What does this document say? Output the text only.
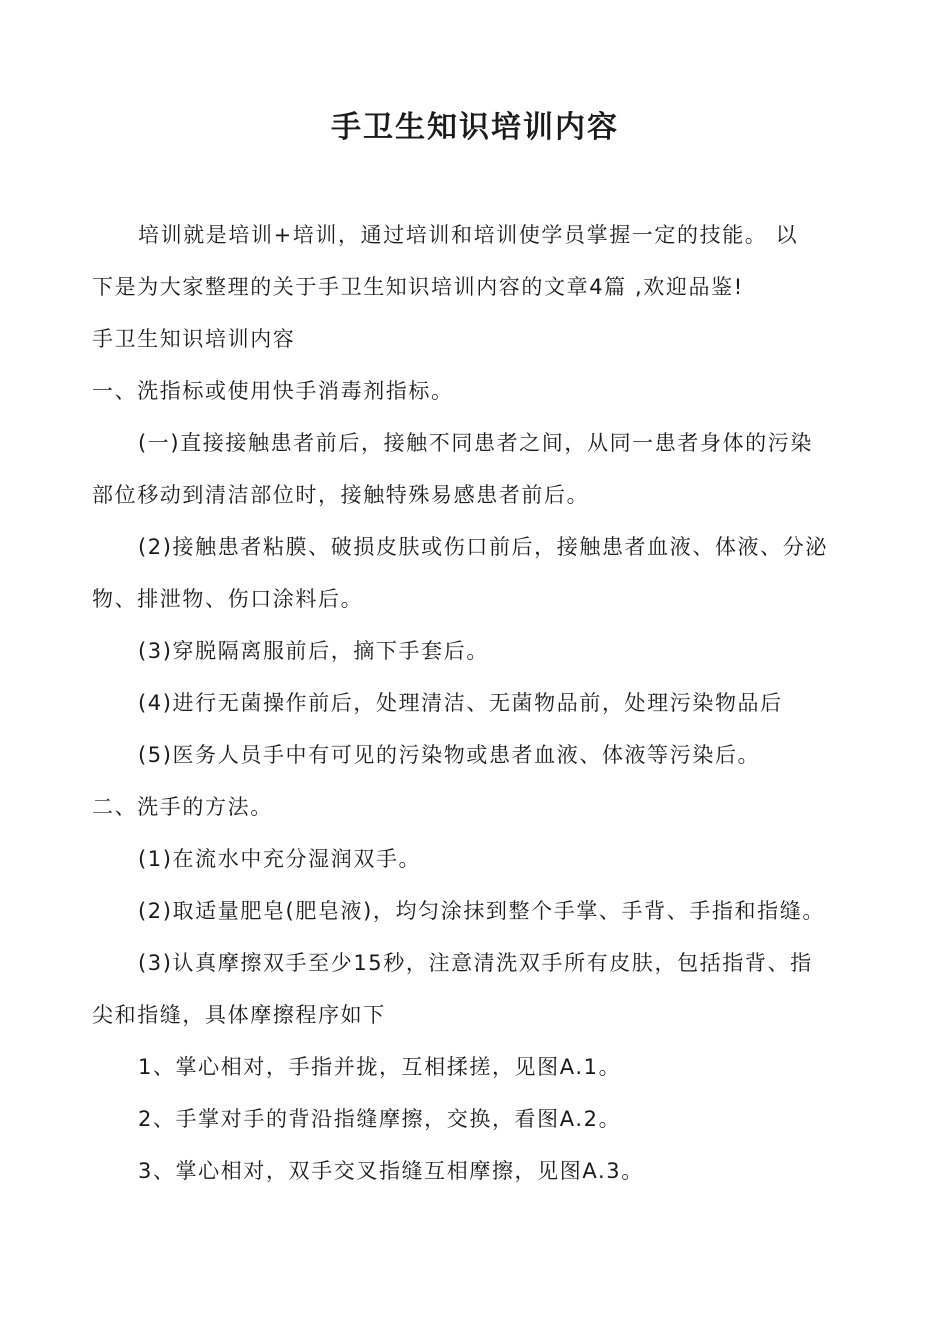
手卫生知识培训内容
培训就是培训+培训，通过培训和培训使学员掌握一定的技能。 以
下是为大家整理的关于手卫生知识培训内容的文章4篇 ,欢迎品鉴!
手卫生知识培训内容
一、洗指标或使用快手消毒剂指标。
(一)直接接触患者前后，接触不同患者之间，从同一患者身体的污染
部位移动到清洁部位时，接触特殊易感患者前后。
(2)接触患者粘膜、破损皮肤或伤口前后，接触患者血液、体液、分泌
物、排泄物、伤口涂料后。
(3)穿脱隔离服前后，摘下手套后。
(4)进行无菌操作前后，处理清洁、无菌物品前，处理污染物品后
(5)医务人员手中有可见的污染物或患者血液、体液等污染后。
二、洗手的方法。
(1)在流水中充分湿润双手。
(2)取适量肥皂(肥皂液)，均匀涂抹到整个手掌、手背、手指和指缝。
(3)认真摩擦双手至少15秒，注意清洗双手所有皮肤，包括指背、指
尖和指缝，具体摩擦程序如下
1、掌心相对，手指并拢，互相揉搓，见图A.1。
2、手掌对手的背沿指缝摩擦，交换，看图A.2。
3、掌心相对，双手交叉指缝互相摩擦，见图A.3。
